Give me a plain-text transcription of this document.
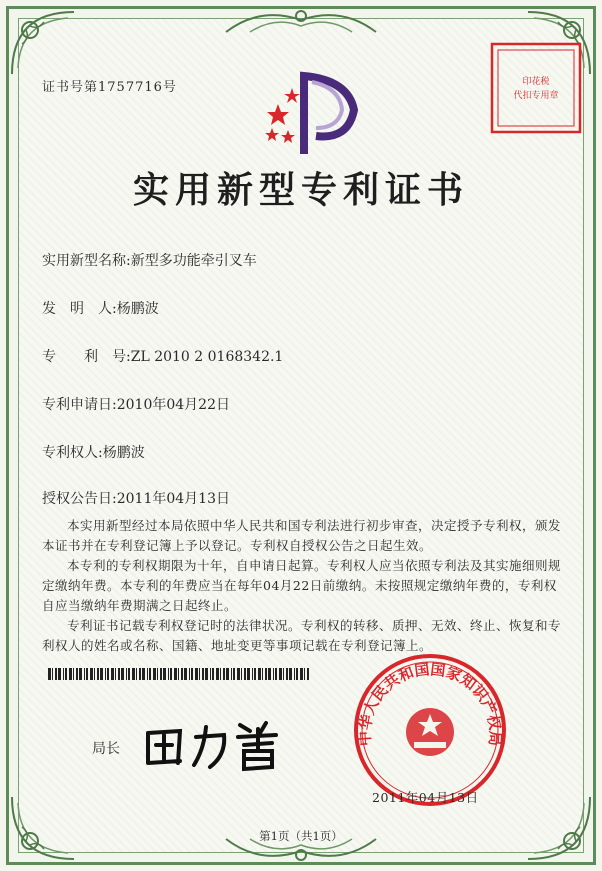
证书号第1757716号	印花税
代扣专用章
实用新型专利证书
实用新型名称:新型多功能牵引叉车
发　明　人:杨鹏波
专　　利　号:ZL 2010 2 0168342.1
专利申请日:2010年04月22日
专利权人:杨鹏波
授权公告日:2011年04月13日

本实用新型经过本局依照中华人民共和国专利法进行初步审查，决定授予专利权，颁发本证书并在专利登记簿上予以登记。专利权自授权公告之日起生效。

本专利的专利权期限为十年，自申请日起算。专利权人应当依照专利法及其实施细则规定缴纳年费。本专利的年费应当在每年04月22日前缴纳。未按照规定缴纳年费的，专利权自应当缴纳年费期满之日起终止。

专利证书记载专利权登记时的法律状况。专利权的转移、质押、无效、终止、恢复和专利权人的姓名或名称、国籍、地址变更等事项记载在专利登记簿上。

局长
中华人民共和国国家知识产权局
2011年04月13日
第1页（共1页）
